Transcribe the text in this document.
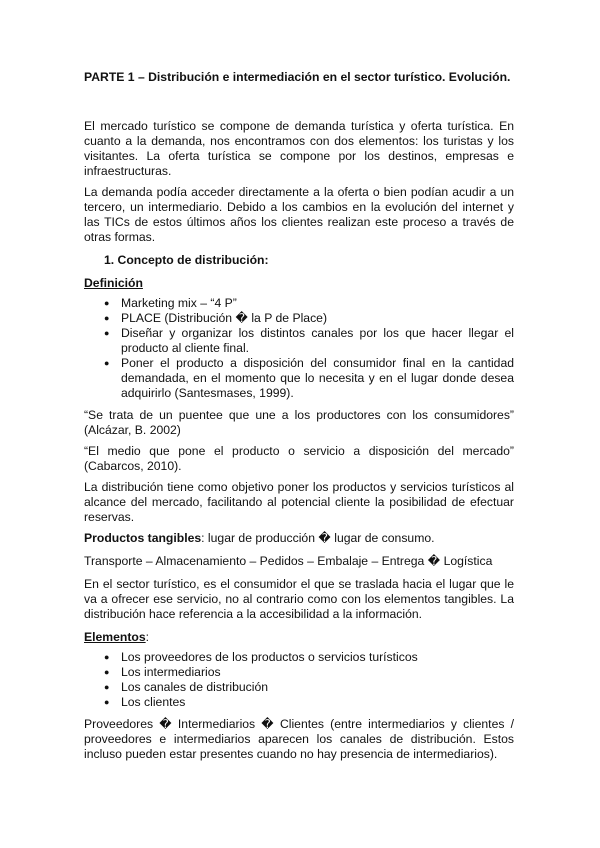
PARTE 1 – Distribución e intermediación en el sector turístico. Evolución.

El mercado turístico se compone de demanda turística y oferta turística. En cuanto a la demanda, nos encontramos con dos elementos: los turistas y los visitantes. La oferta turística se compone por los destinos, empresas e infraestructuras.

La demanda podía acceder directamente a la oferta o bien podían acudir a un tercero, un intermediario. Debido a los cambios en la evolución del internet y las TICs de estos últimos años los clientes realizan este proceso a través de otras formas.

1. Concepto de distribución:
Definición
● Marketing mix – “4 P”
● PLACE (Distribución � la P de Place)
● Diseñar y organizar los distintos canales por los que hacer llegar el producto al cliente final.
● Poner el producto a disposición del consumidor final en la cantidad demandada, en el momento que lo necesita y en el lugar donde desea adquirirlo (Santesmases, 1999).

“Se trata de un puentee que une a los productores con los consumidores” (Alcázar, B. 2002)

“El medio que pone el producto o servicio a disposición del mercado” (Cabarcos, 2010).

La distribución tiene como objetivo poner los productos y servicios turísticos al alcance del mercado, facilitando al potencial cliente la posibilidad de efectuar reservas.

Productos tangibles: lugar de producción � lugar de consumo.

Transporte – Almacenamiento – Pedidos – Embalaje – Entrega � Logística

En el sector turístico, es el consumidor el que se traslada hacia el lugar que le va a ofrecer ese servicio, no al contrario como con los elementos tangibles. La distribución hace referencia a la accesibilidad a la información.

Elementos:
● Los proveedores de los productos o servicios turísticos
● Los intermediarios
● Los canales de distribución
● Los clientes

Proveedores � Intermediarios � Clientes (entre intermediarios y clientes / proveedores e intermediarios aparecen los canales de distribución. Estos incluso pueden estar presentes cuando no hay presencia de intermediarios).
